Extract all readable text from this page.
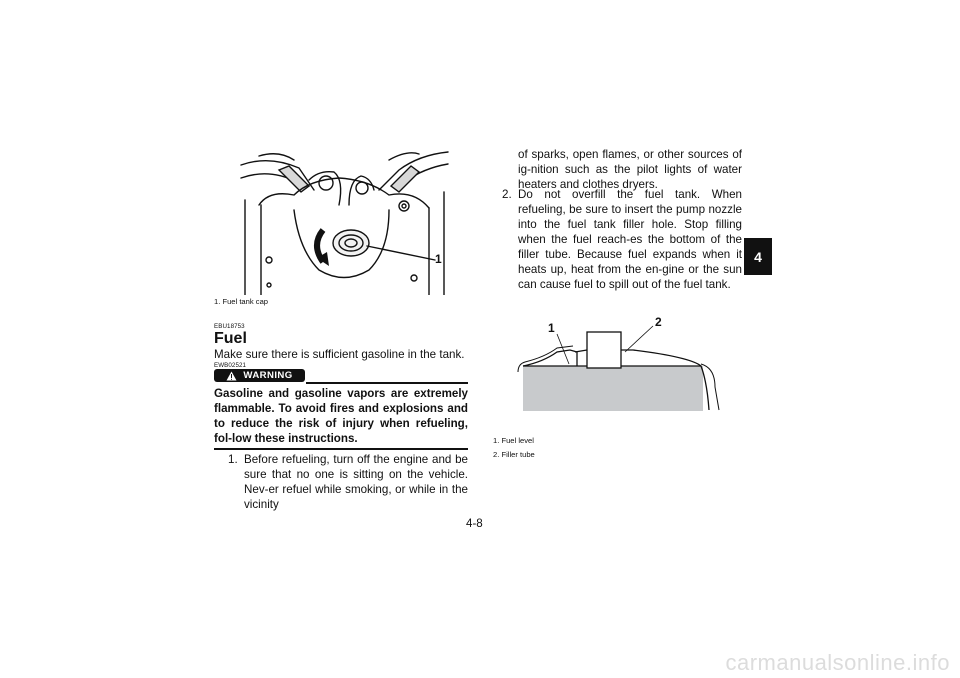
1
1. Fuel tank cap
EBU18753
Fuel
Make sure there is sufficient gasoline in the tank.
EWB02521
WARNING
Gasoline and gasoline vapors are extremely flammable. To avoid fires and explosions and to reduce the risk of injury when refueling, fol-low these instructions.
1. Before refueling, turn off the engine and be sure that no one is sitting on the vehicle. Nev-er refuel while smoking, or while in the vicinity
of sparks, open flames, or other sources of ig-nition such as the pilot lights of water heaters and clothes dryers.
2. Do not overfill the fuel tank. When refueling, be sure to insert the pump nozzle into the fuel tank filler hole. Stop filling when the fuel reach-es the bottom of the filler tube. Because fuel expands when it heats up, heat from the en-gine or the sun can cause fuel to spill out of the fuel tank.
1	2
1. Fuel level
2. Filler tube
4-8
4
carmanualsonline.info
